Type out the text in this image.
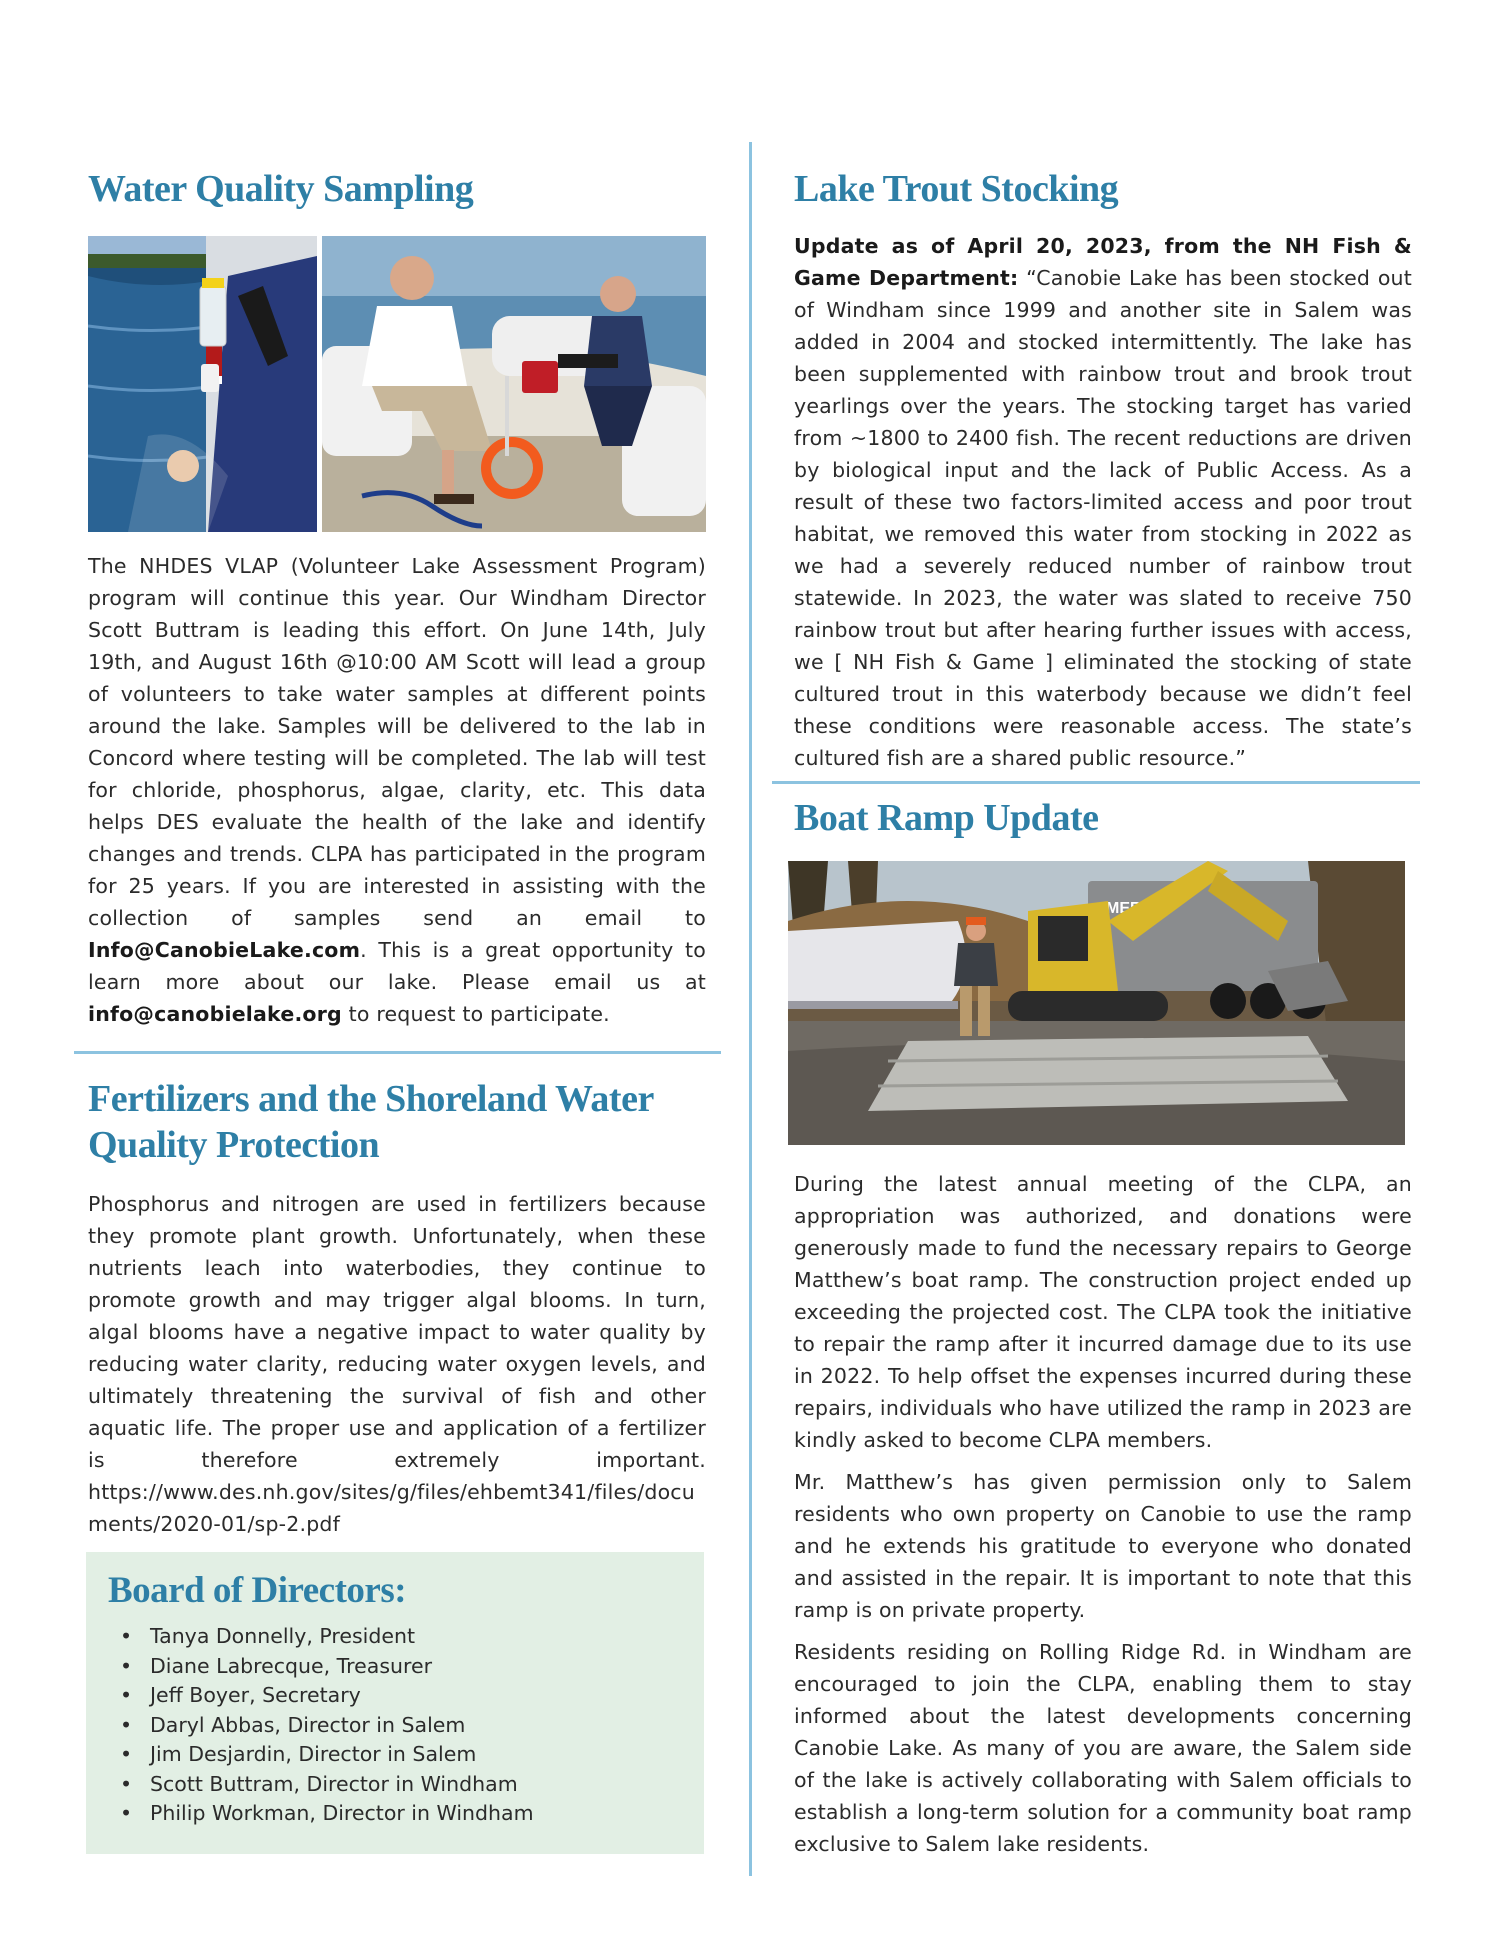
Water Quality Sampling

The NHDES VLAP (Volunteer Lake Assessment Program) program will continue this year. Our Windham Director Scott Buttram is leading this effort. On June 14th, July 19th, and August 16th @10:00 AM Scott will lead a group of volunteers to take water samples at different points around the lake. Samples will be delivered to the lab in Concord where testing will be completed. The lab will test for chloride, phosphorus, algae, clarity, etc. This data helps DES evaluate the health of the lake and identify changes and trends. CLPA has participated in the program for 25 years. If you are interested in assisting with the collection of samples send an email to Info@CanobieLake.com. This is a great opportunity to learn more about our lake. Please email us at info@canobielake.org to request to participate.

Fertilizers and the Shoreland Water
Quality Protection

Phosphorus and nitrogen are used in fertilizers because they promote plant growth. Unfortunately, when these nutrients leach into waterbodies, they continue to promote growth and may trigger algal blooms. In turn, algal blooms have a negative impact to water quality by reducing water clarity, reducing water oxygen levels, and ultimately threatening the survival of fish and other aquatic life. The proper use and application of a fertilizer is therefore extremely important. https://www.des.nh.gov/sites/g/files/ehbemt341/files/documents/2020-01/sp-2.pdf

Board of Directors:
• Tanya Donnelly, President
• Diane Labrecque, Treasurer
• Jeff Boyer, Secretary
• Daryl Abbas, Director in Salem
• Jim Desjardin, Director in Salem
• Scott Buttram, Director in Windham
• Philip Workman, Director in Windham
Lake Trout Stocking

Update as of April 20, 2023, from the NH Fish & Game Department: “Canobie Lake has been stocked out of Windham since 1999 and another site in Salem was added in 2004 and stocked intermittently. The lake has been supplemented with rainbow trout and brook trout yearlings over the years. The stocking target has varied from ~1800 to 2400 fish. The recent reductions are driven by biological input and the lack of Public Access. As a result of these two factors-limited access and poor trout habitat, we removed this water from stocking in 2022 as we had a severely reduced number of rainbow trout statewide. In 2023, the water was slated to receive 750 rainbow trout but after hearing further issues with access, we [ NH Fish & Game ] eliminated the stocking of state cultured trout in this waterbody because we didn’t feel these conditions were reasonable access. The state’s cultured fish are a shared public resource.”

Boat Ramp Update

During the latest annual meeting of the CLPA, an appropriation was authorized, and donations were generously made to fund the necessary repairs to George Matthew’s boat ramp. The construction project ended up exceeding the projected cost. The CLPA took the initiative to repair the ramp after it incurred damage due to its use in 2022. To help offset the expenses incurred during these repairs, individuals who have utilized the ramp in 2023 are kindly asked to become CLPA members.

Mr. Matthew’s has given permission only to Salem residents who own property on Canobie to use the ramp and he extends his gratitude to everyone who donated and assisted in the repair. It is important to note that this ramp is on private property.

Residents residing on Rolling Ridge Rd. in Windham are encouraged to join the CLPA, enabling them to stay informed about the latest developments concerning Canobie Lake. As many of you are aware, the Salem side of the lake is actively collaborating with Salem officials to establish a long-term solution for a community boat ramp exclusive to Salem lake residents.
